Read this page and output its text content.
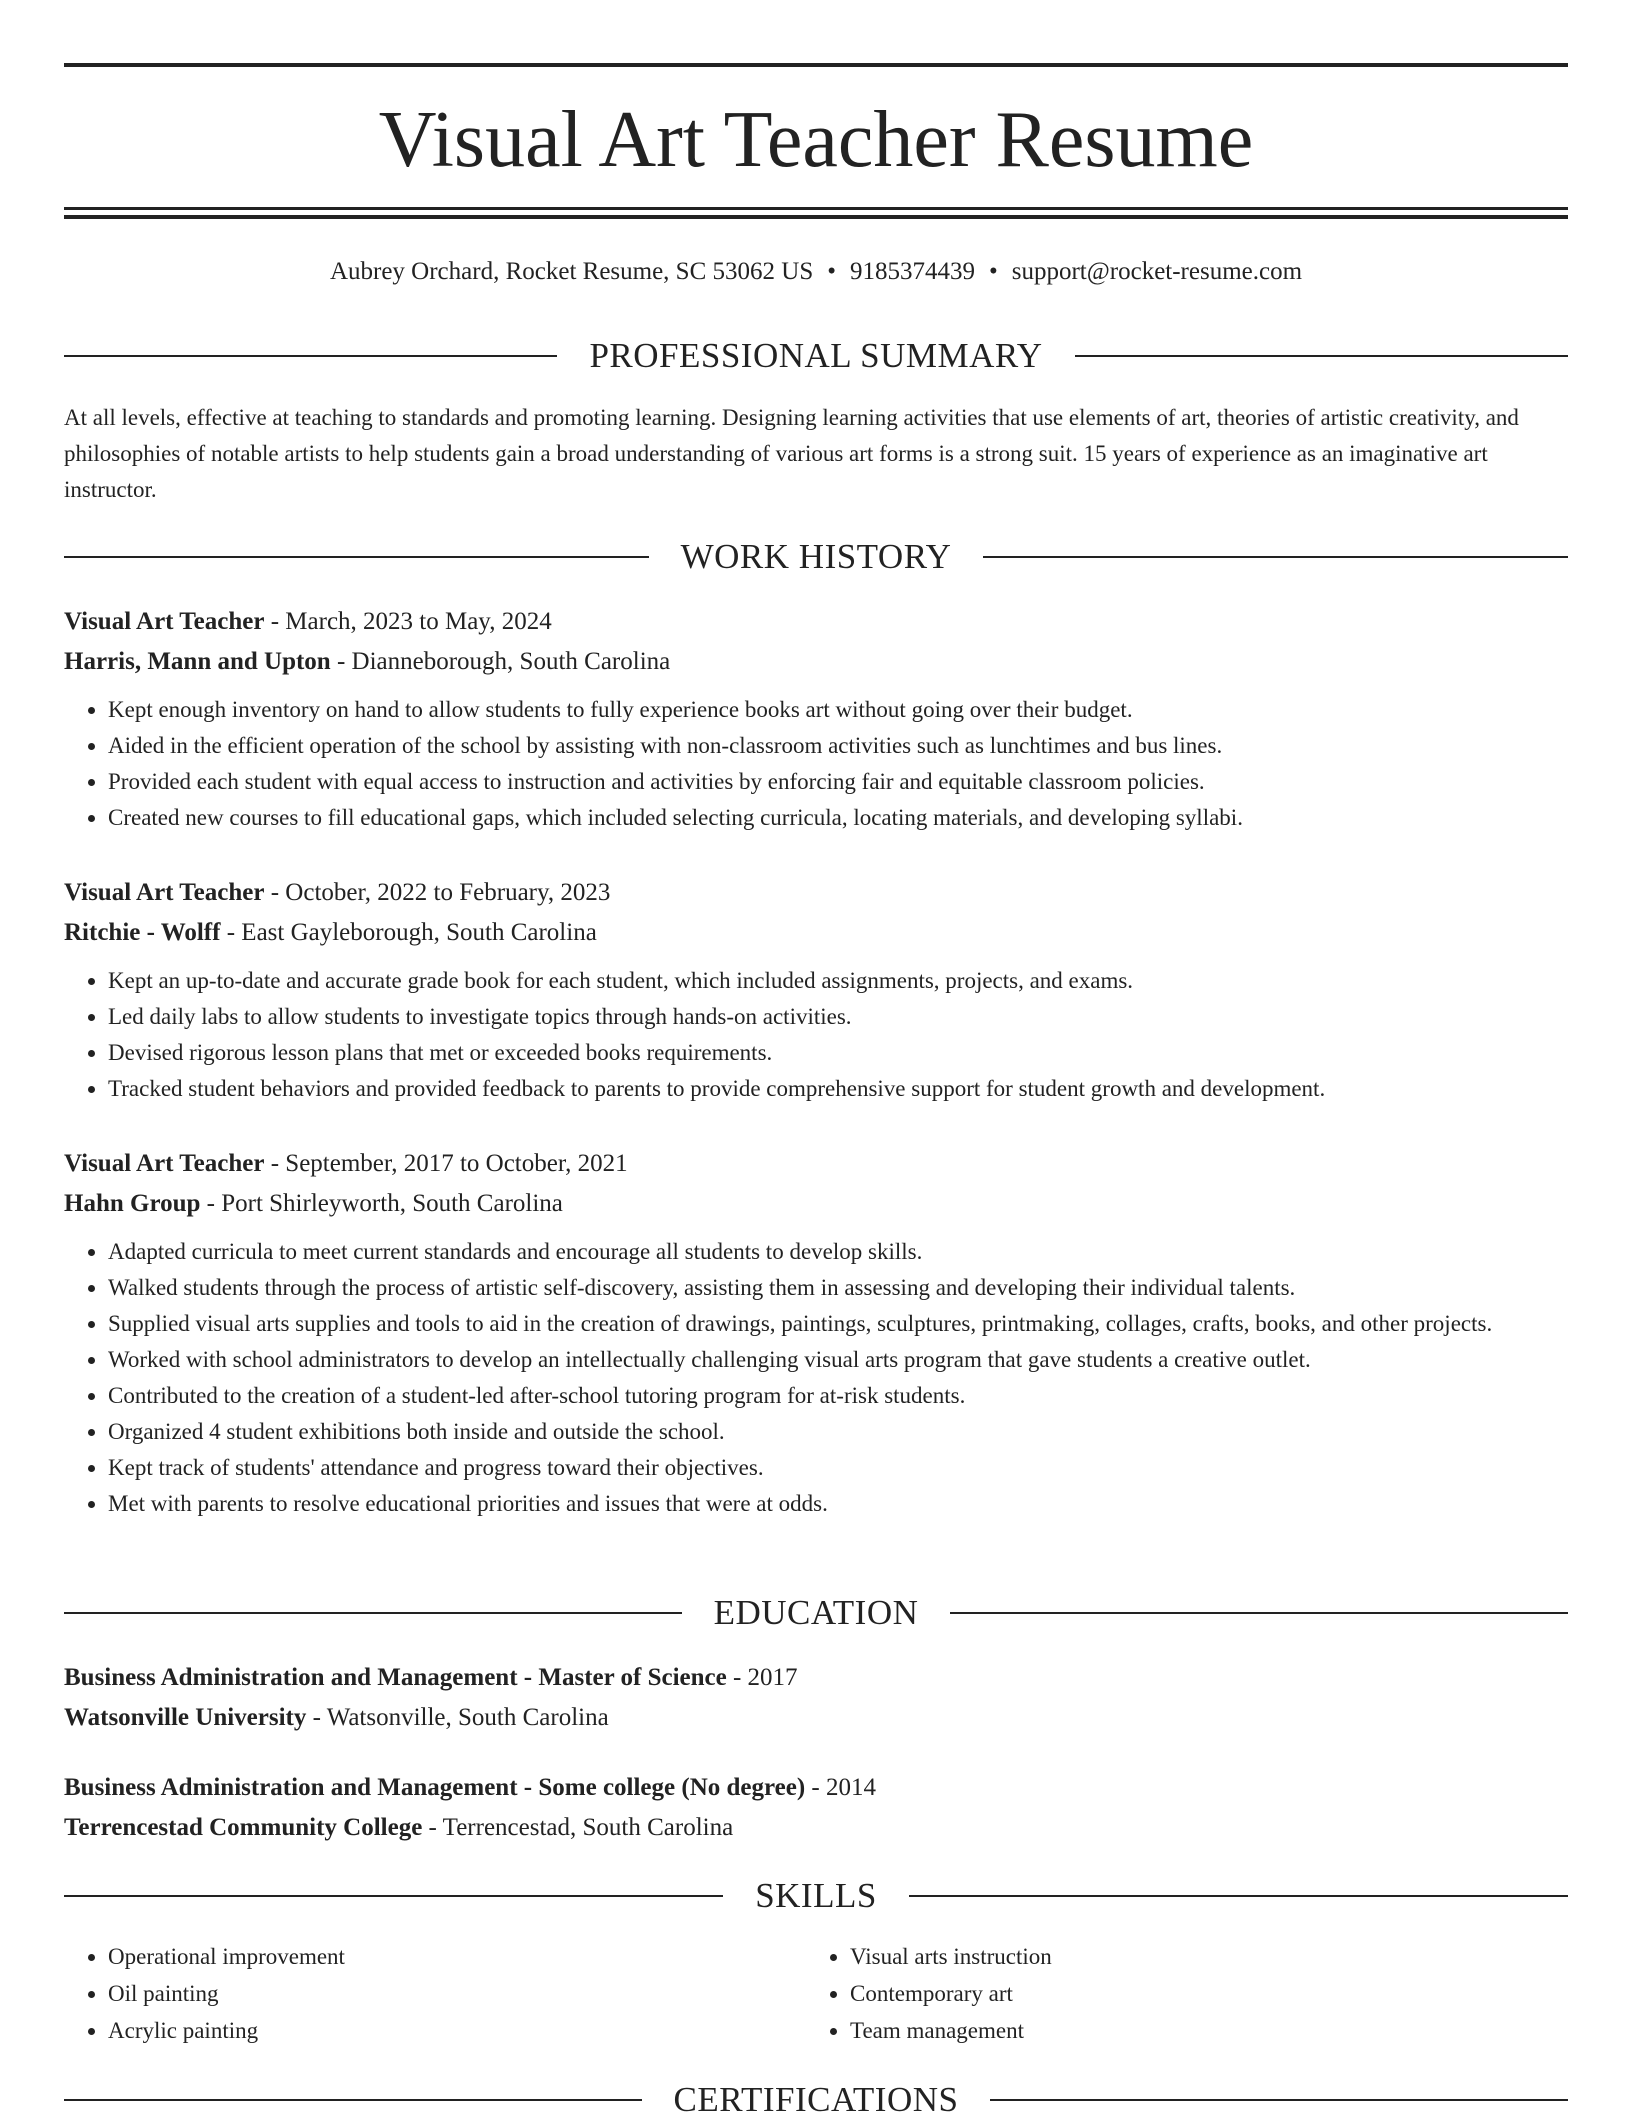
Visual Art Teacher Resume
Aubrey Orchard, Rocket Resume, SC 53062 US • 9185374439 • support@rocket-resume.com
PROFESSIONAL SUMMARY

At all levels, effective at teaching to standards and promoting learning. Designing learning activities that use elements of art, theories of artistic creativity, and philosophies of notable artists to help students gain a broad understanding of various art forms is a strong suit. 15 years of experience as an imaginative art instructor.

WORK HISTORY

Visual Art Teacher - March, 2023 to May, 2024

Harris, Mann and Upton - Dianneborough, South Carolina

• Kept enough inventory on hand to allow students to fully experience books art without going over their budget.
• Aided in the efficient operation of the school by assisting with non-classroom activities such as lunchtimes and bus lines.
• Provided each student with equal access to instruction and activities by enforcing fair and equitable classroom policies.
• Created new courses to fill educational gaps, which included selecting curricula, locating materials, and developing syllabi.

Visual Art Teacher - October, 2022 to February, 2023

Ritchie - Wolff - East Gayleborough, South Carolina

• Kept an up-to-date and accurate grade book for each student, which included assignments, projects, and exams.
• Led daily labs to allow students to investigate topics through hands-on activities.
• Devised rigorous lesson plans that met or exceeded books requirements.
• Tracked student behaviors and provided feedback to parents to provide comprehensive support for student growth and development.

Visual Art Teacher - September, 2017 to October, 2021

Hahn Group - Port Shirleyworth, South Carolina

• Adapted curricula to meet current standards and encourage all students to develop skills.
• Walked students through the process of artistic self-discovery, assisting them in assessing and developing their individual talents.
• Supplied visual arts supplies and tools to aid in the creation of drawings, paintings, sculptures, printmaking, collages, crafts, books, and other projects.
• Worked with school administrators to develop an intellectually challenging visual arts program that gave students a creative outlet.
• Contributed to the creation of a student-led after-school tutoring program for at-risk students.
• Organized 4 student exhibitions both inside and outside the school.
• Kept track of students' attendance and progress toward their objectives.
• Met with parents to resolve educational priorities and issues that were at odds.
EDUCATION

Business Administration and Management - Master of Science - 2017

Watsonville University - Watsonville, South Carolina

Business Administration and Management - Some college (No degree) - 2014

Terrencestad Community College - Terrencestad, South Carolina

SKILLS
• Operational improvement
• Oil painting
• Acrylic painting
• Visual arts instruction
• Contemporary art
• Team management
CERTIFICATIONS
